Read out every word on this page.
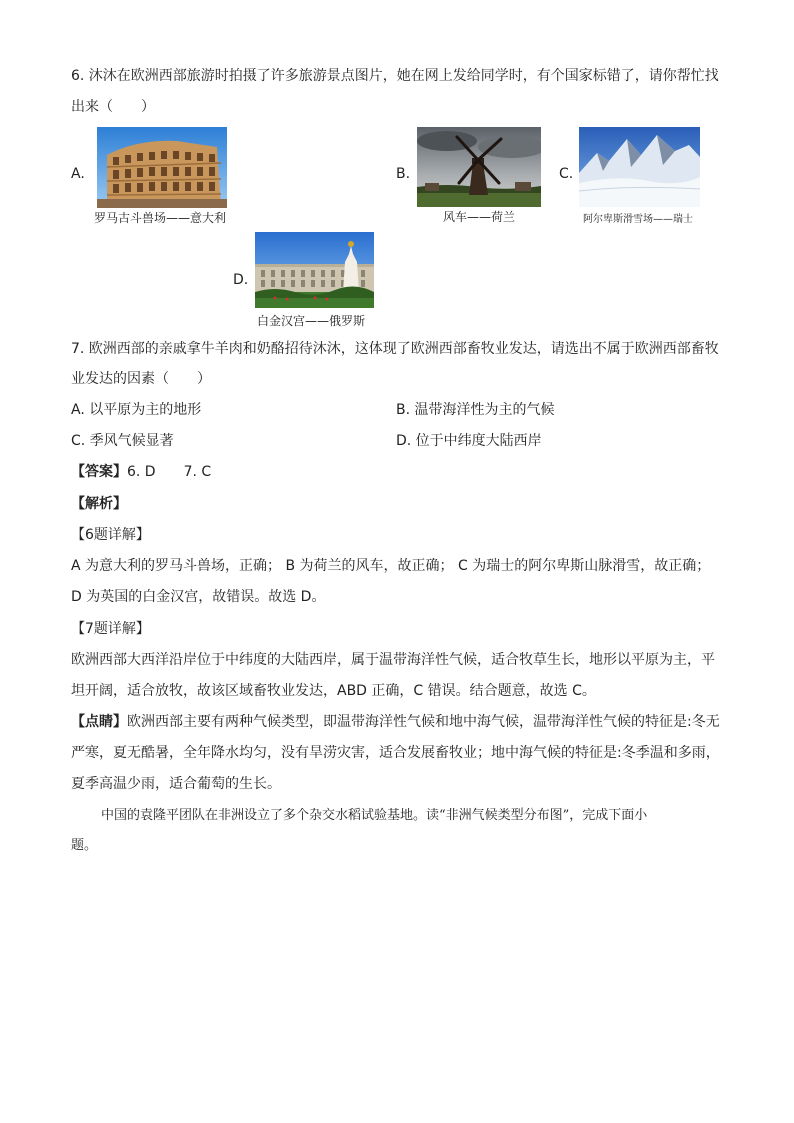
6. 沐沐在欧洲西部旅游时拍摄了许多旅游景点图片，她在网上发给同学时，有个国家标错了，请你帮忙找
出来（　　）
A.
罗马古斗兽场——意大利
B.
风车——荷兰
C.
阿尔卑斯滑雪场——瑞士
D.
白金汉宫——俄罗斯
7. 欧洲西部的亲戚拿牛羊肉和奶酪招待沐沐，这体现了欧洲西部畜牧业发达，请选出不属于欧洲西部畜牧
业发达的因素（　　）
A. 以平原为主的地形	B. 温带海洋性为主的气候
C. 季风气候显著	D. 位于中纬度大陆西岸
【答案】6. D　　7. C
【解析】
【6题详解】
A 为意大利的罗马斗兽场，正确； B 为荷兰的风车，故正确； C 为瑞士的阿尔卑斯山脉滑雪，故正确；
D 为英国的白金汉宫，故错误。故选 D。
【7题详解】
欧洲西部大西洋沿岸位于中纬度的大陆西岸，属于温带海洋性气候，适合牧草生长，地形以平原为主，平
坦开阔，适合放牧，故该区域畜牧业发达，ABD 正确，C 错误。结合题意，故选 C。
【点睛】欧洲西部主要有两种气候类型，即温带海洋性气候和地中海气候，温带海洋性气候的特征是:冬无
严寒，夏无酷暑，全年降水均匀，没有旱涝灾害，适合发展畜牧业；地中海气候的特征是:冬季温和多雨，
夏季高温少雨，适合葡萄的生长。
中国的袁隆平团队在非洲设立了多个杂交水稻试验基地。读“非洲气候类型分布图”，完成下面小
题。
